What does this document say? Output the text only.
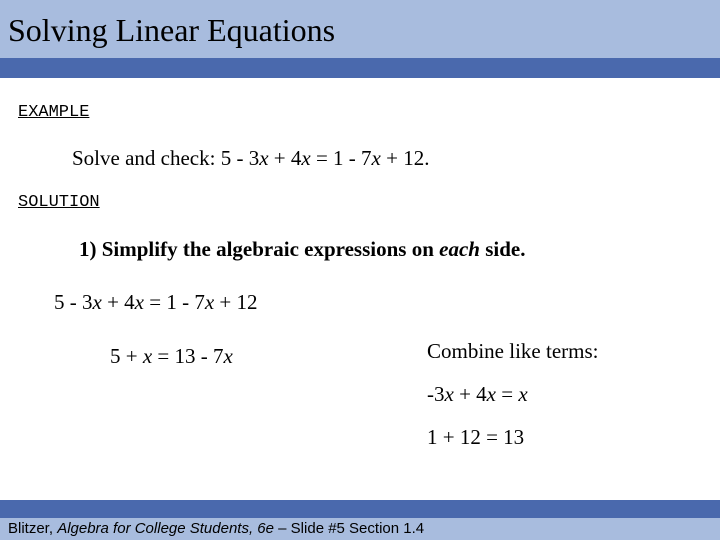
Solving Linear Equations
EXAMPLE
Solve and check: 5 - 3x + 4x = 1 - 7x + 12.
SOLUTION
1) Simplify the algebraic expressions on each side.
5 - 3x + 4x = 1 - 7x + 12
5 + x = 13 - 7x	Combine like terms:
-3x + 4x = x
1 + 12 = 13
Blitzer, Algebra for College Students, 6e – Slide #5 Section 1.4
